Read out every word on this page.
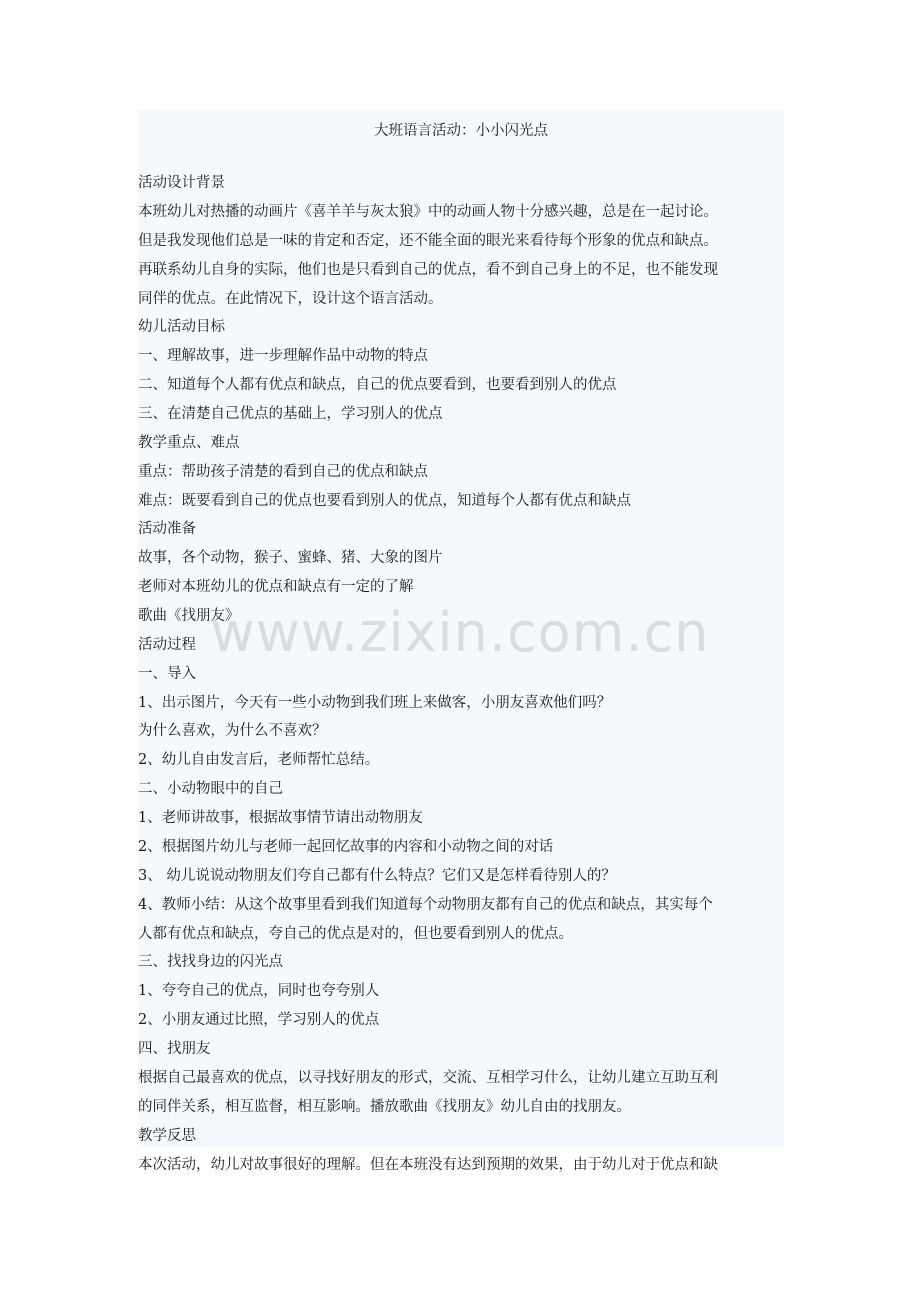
大班语言活动：小小闪光点
www.zixin.com.cn
活动设计背景
本班幼儿对热播的动画片《喜羊羊与灰太狼》中的动画人物十分感兴趣，总是在一起讨论。
但是我发现他们总是一味的肯定和否定，还不能全面的眼光来看待每个形象的优点和缺点。
再联系幼儿自身的实际，他们也是只看到自己的优点，看不到自己身上的不足，也不能发现
同伴的优点。在此情况下，设计这个语言活动。
幼儿活动目标
一、理解故事，进一步理解作品中动物的特点
二、知道每个人都有优点和缺点，自己的优点要看到，也要看到别人的优点
三、在清楚自己优点的基础上，学习别人的优点
教学重点、难点
重点：帮助孩子清楚的看到自己的优点和缺点
难点：既要看到自己的优点也要看到别人的优点，知道每个人都有优点和缺点
活动准备
故事，各个动物，猴子、蜜蜂、猪、大象的图片
老师对本班幼儿的优点和缺点有一定的了解
歌曲《找朋友》
活动过程
一、导入
1、出示图片，今天有一些小动物到我们班上来做客，小朋友喜欢他们吗？
为什么喜欢，为什么不喜欢？
2、幼儿自由发言后，老师帮忙总结。
二、小动物眼中的自己
1、老师讲故事，根据故事情节请出动物朋友
2、根据图片幼儿与老师一起回忆故事的内容和小动物之间的对话
3、 幼儿说说动物朋友们夸自己都有什么特点？它们又是怎样看待别人的？
4、教师小结：从这个故事里看到我们知道每个动物朋友都有自己的优点和缺点，其实每个
人都有优点和缺点，夸自己的优点是对的，但也要看到别人的优点。
三、找找身边的闪光点
1、夸夸自己的优点，同时也夸夸别人
2、小朋友通过比照，学习别人的优点
四、找朋友
根据自己最喜欢的优点，以寻找好朋友的形式，交流、互相学习什么，让幼儿建立互助互利
的同伴关系，相互监督，相互影响。播放歌曲《找朋友》幼儿自由的找朋友。
教学反思
本次活动，幼儿对故事很好的理解。但在本班没有达到预期的效果，由于幼儿对于优点和缺
